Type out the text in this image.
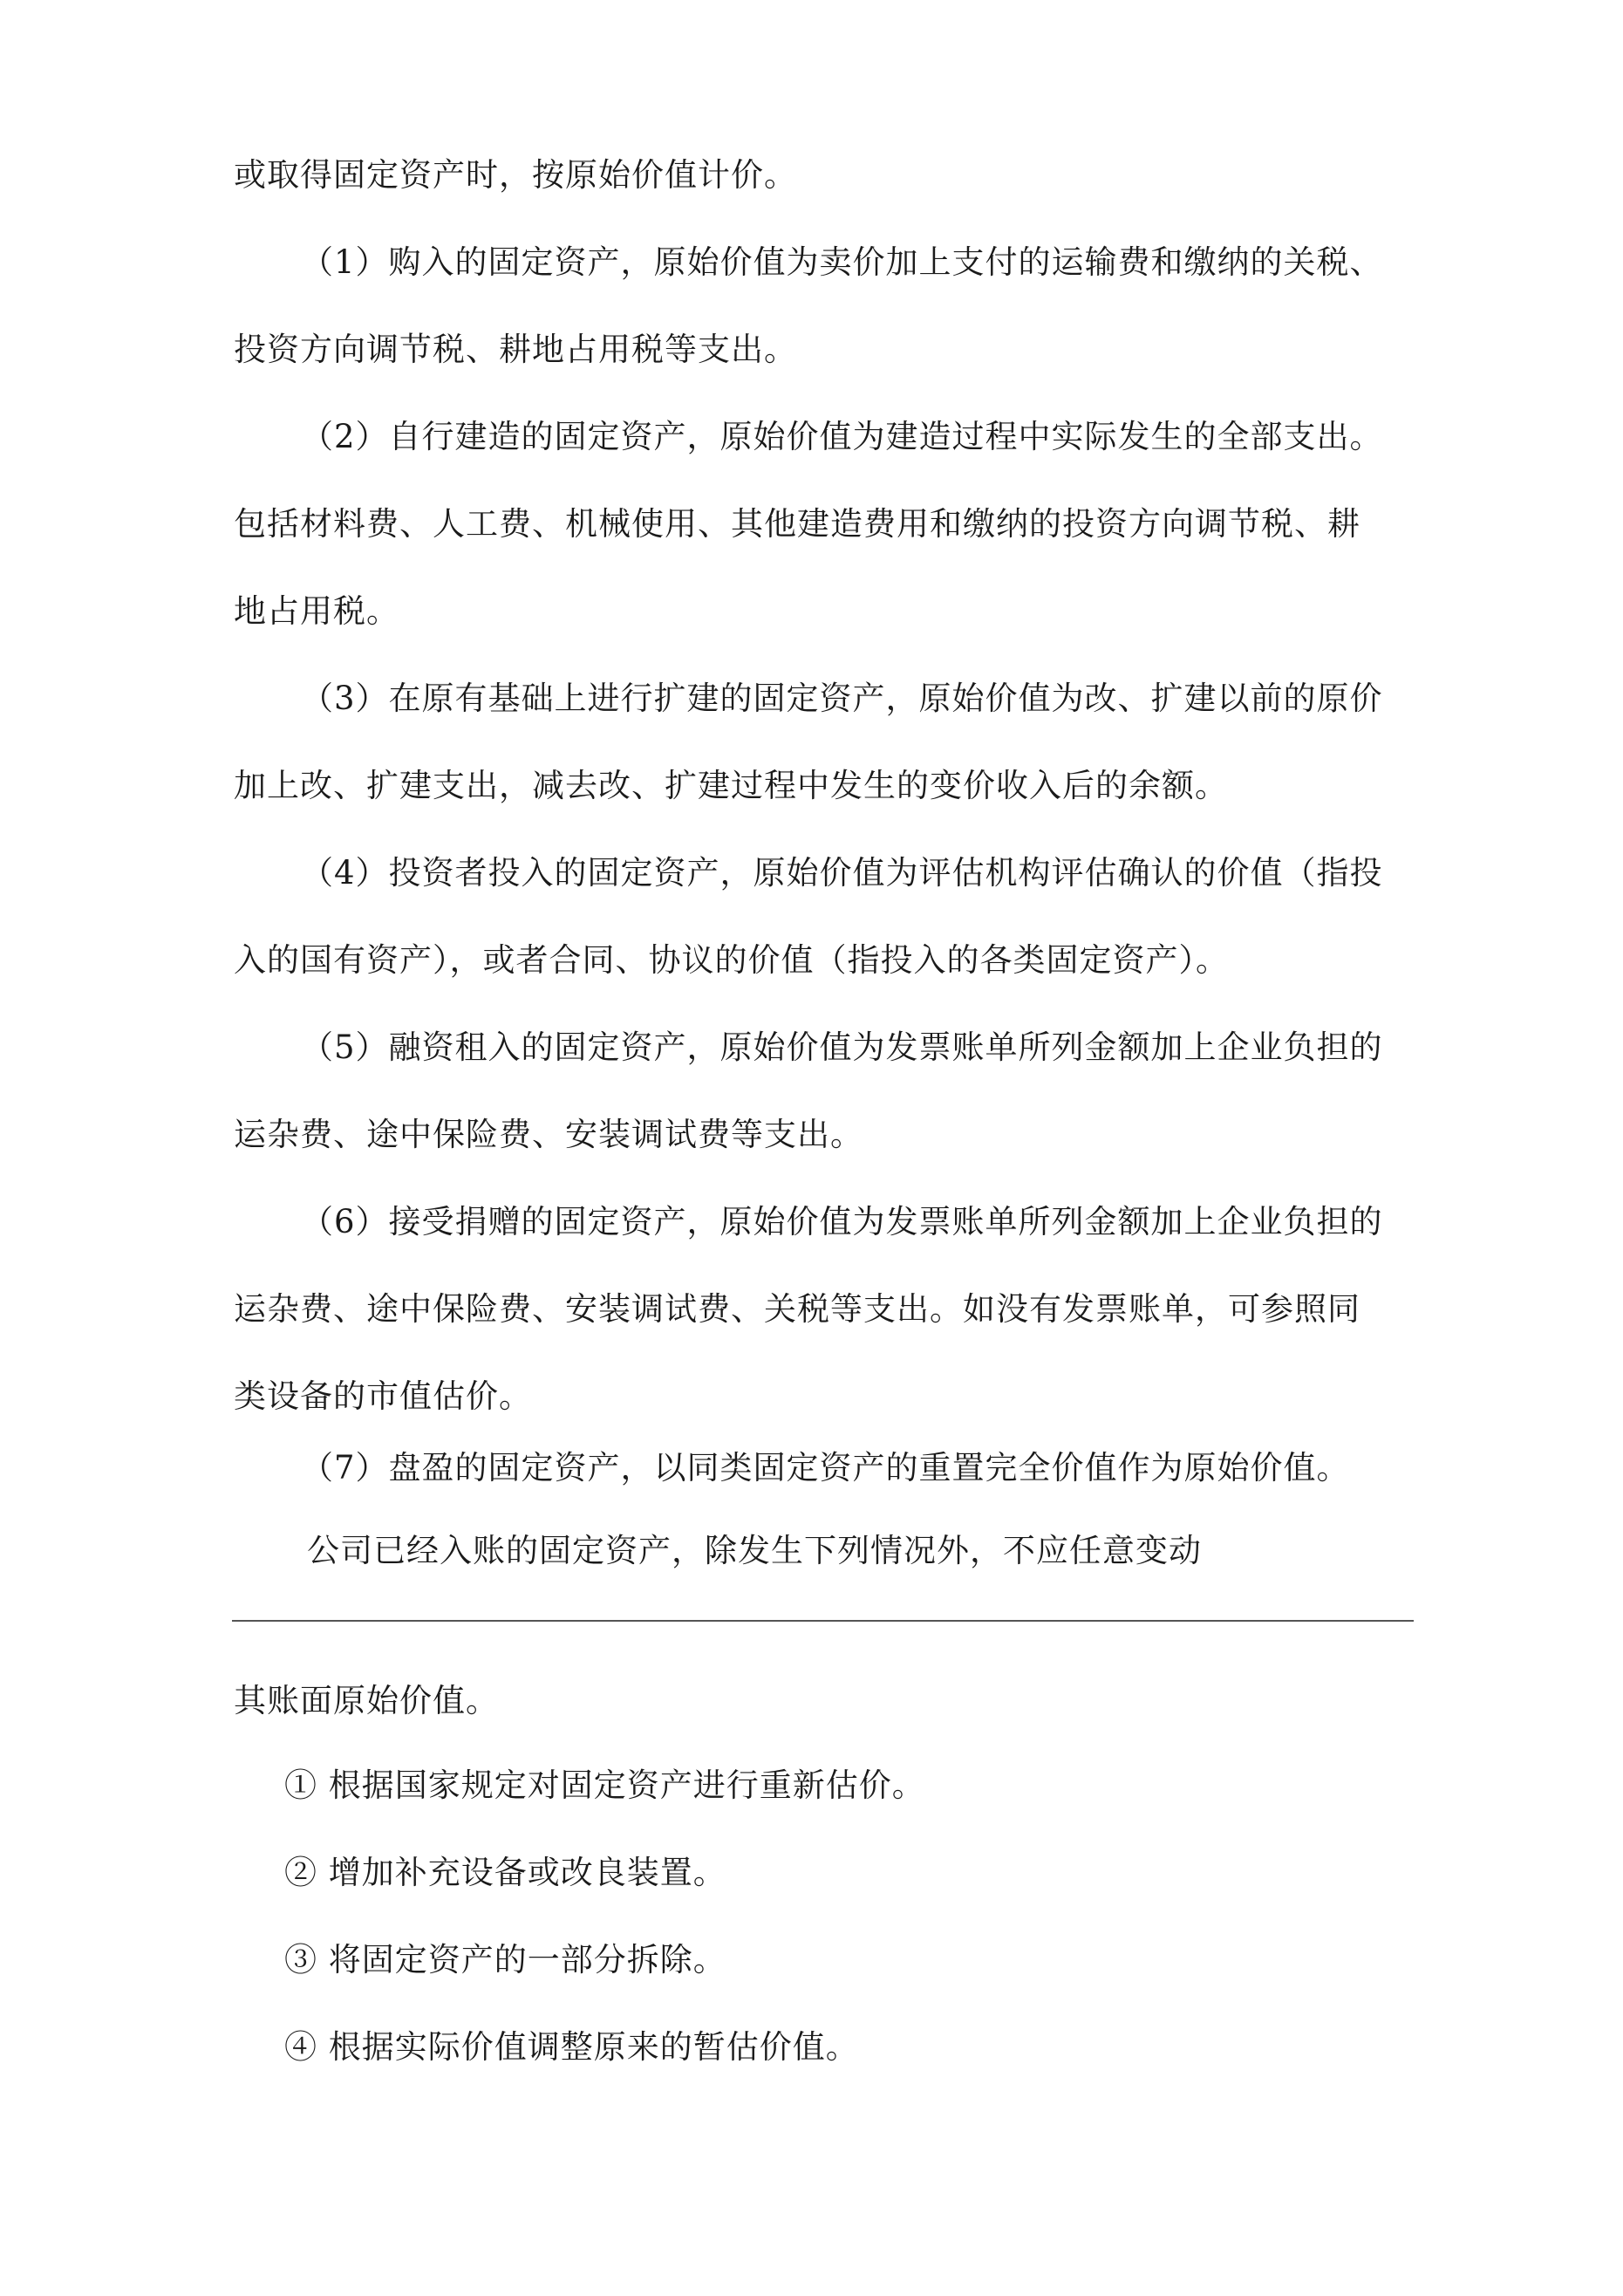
或取得固定资产时，按原始价值计价。
（1）购入的固定资产，原始价值为卖价加上支付的运输费和缴纳的关税、
投资方向调节税、耕地占用税等支出。
（2）自行建造的固定资产，原始价值为建造过程中实际发生的全部支出。
包括材料费、人工费、机械使用、其他建造费用和缴纳的投资方向调节税、耕
地占用税。
（3）在原有基础上进行扩建的固定资产，原始价值为改、扩建以前的原价
加上改、扩建支出，减去改、扩建过程中发生的变价收入后的余额。
（4）投资者投入的固定资产，原始价值为评估机构评估确认的价值（指投
入的国有资产），或者合同、协议的价值（指投入的各类固定资产）。
（5）融资租入的固定资产，原始价值为发票账单所列金额加上企业负担的
运杂费、途中保险费、安装调试费等支出。
（6）接受捐赠的固定资产，原始价值为发票账单所列金额加上企业负担的
运杂费、途中保险费、安装调试费、关税等支出。如没有发票账单，可参照同
类设备的市值估价。
（7）盘盈的固定资产，以同类固定资产的重置完全价值作为原始价值。
公司已经入账的固定资产，除发生下列情况外，不应任意变动
其账面原始价值。
① 根据国家规定对固定资产进行重新估价。
② 增加补充设备或改良装置。
③ 将固定资产的一部分拆除。
④ 根据实际价值调整原来的暂估价值。
